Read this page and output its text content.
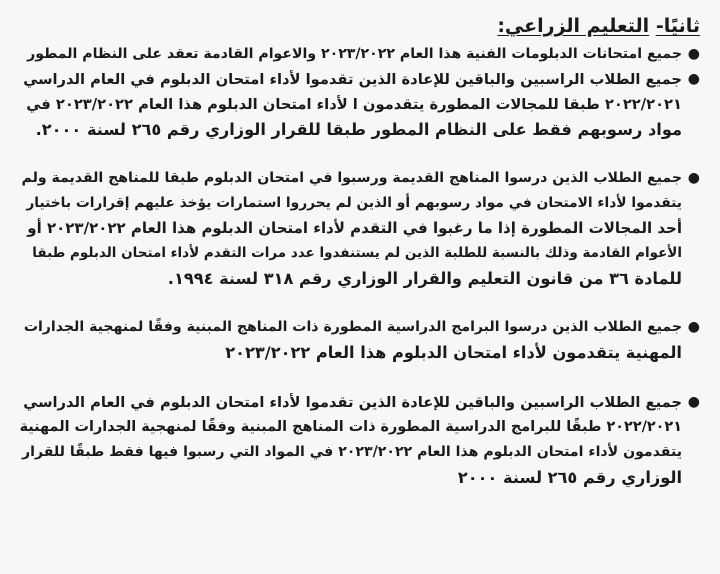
ثانيًا- التعليم الزراعي:
●
جميع امتحانات الدبلومات الفنية هذا العام ٢٠٢٣/٢٠٢٢ والاعوام القادمة تعقد على النظام المطور
●
جميع الطلاب الراسبين والباقين للإعادة الذين تقدموا لأداء امتحان الدبلوم في العام الدراسي
٢٠٢٢/٢٠٢١ طبقا للمجالات المطورة يتقدمون ا لأداء امتحان الدبلوم هذا العام ٢٠٢٣/٢٠٢٢ في
مواد رسوبهم فقط على النظام المطور طبقا للقرار الوزاري رقم ٢٦٥ لسنة ٢٠٠٠.
●
جميع الطلاب الذين درسوا المناهج القديمة ورسبوا في امتحان الدبلوم طبقا للمناهج القديمة ولم
يتقدموا لأداء الامتحان في مواد رسوبهم أو الذين لم يحرروا استمارات يؤخذ عليهم إقرارات باختيار
أحد المجالات المطورة إذا ما رغبوا في التقدم لأداء امتحان الدبلوم هذا العام ٢٠٢٣/٢٠٢٢ أو
الأعوام القادمة وذلك بالنسبة للطلبة الذين لم يستنفدوا عدد مرات التقدم لأداء امتحان الدبلوم طبقا
للمادة ٣٦ من قانون التعليم والقرار الوزاري رقم ٣١٨ لسنة ١٩٩٤.
●
جميع الطلاب الذين درسوا البرامج الدراسية المطورة ذات المناهج المبنية وفقًا لمنهجية الجدارات
المهنية يتقدمون لأداء امتحان الدبلوم هذا العام ٢٠٢٣/٢٠٢٢
●
جميع الطلاب الراسبين والباقين للإعادة الذين تقدموا لأداء امتحان الدبلوم في العام الدراسي
٢٠٢٢/٢٠٢١ طبقًا للبرامج الدراسية المطورة ذات المناهج المبنية وفقًا لمنهجية الجدارات المهنية
يتقدمون لأداء امتحان الدبلوم هذا العام ٢٠٢٣/٢٠٢٢ في المواد التي رسبوا فيها فقط طبقًا للقرار
الوزاري رقم ٢٦٥ لسنة ٢٠٠٠
